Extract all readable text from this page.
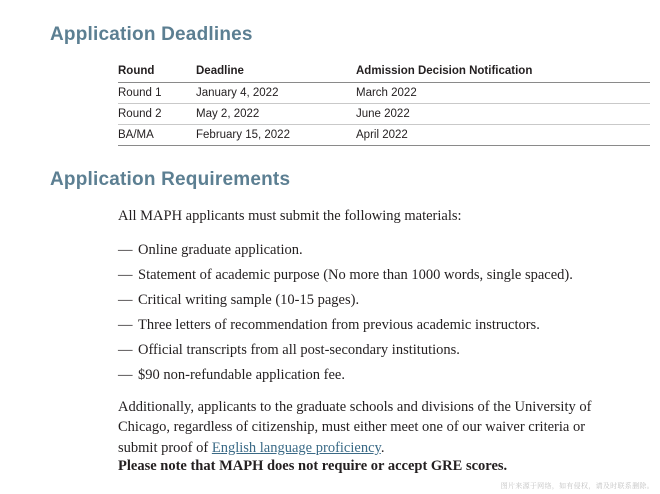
Application Deadlines
Round	Deadline	Admission Decision Notification
Round 1	January 4, 2022	March 2022
Round 2	May 2, 2022	June 2022
BA/MA	February 15, 2022	April 2022
Application Requirements
All MAPH applicants must submit the following materials:
— Online graduate application.
— Statement of academic purpose (No more than 1000 words, single spaced).
— Critical writing sample (10-15 pages).
— Three letters of recommendation from previous academic instructors.
— Official transcripts from all post-secondary institutions.
— $90 non-refundable application fee.

Additionally, applicants to the graduate schools and divisions of the University of Chicago, regardless of citizenship, must either meet one of our waiver criteria or submit proof of English language proficiency.

Please note that MAPH does not require or accept GRE scores.
图片来源于网络，如有侵权，请及时联系删除。
